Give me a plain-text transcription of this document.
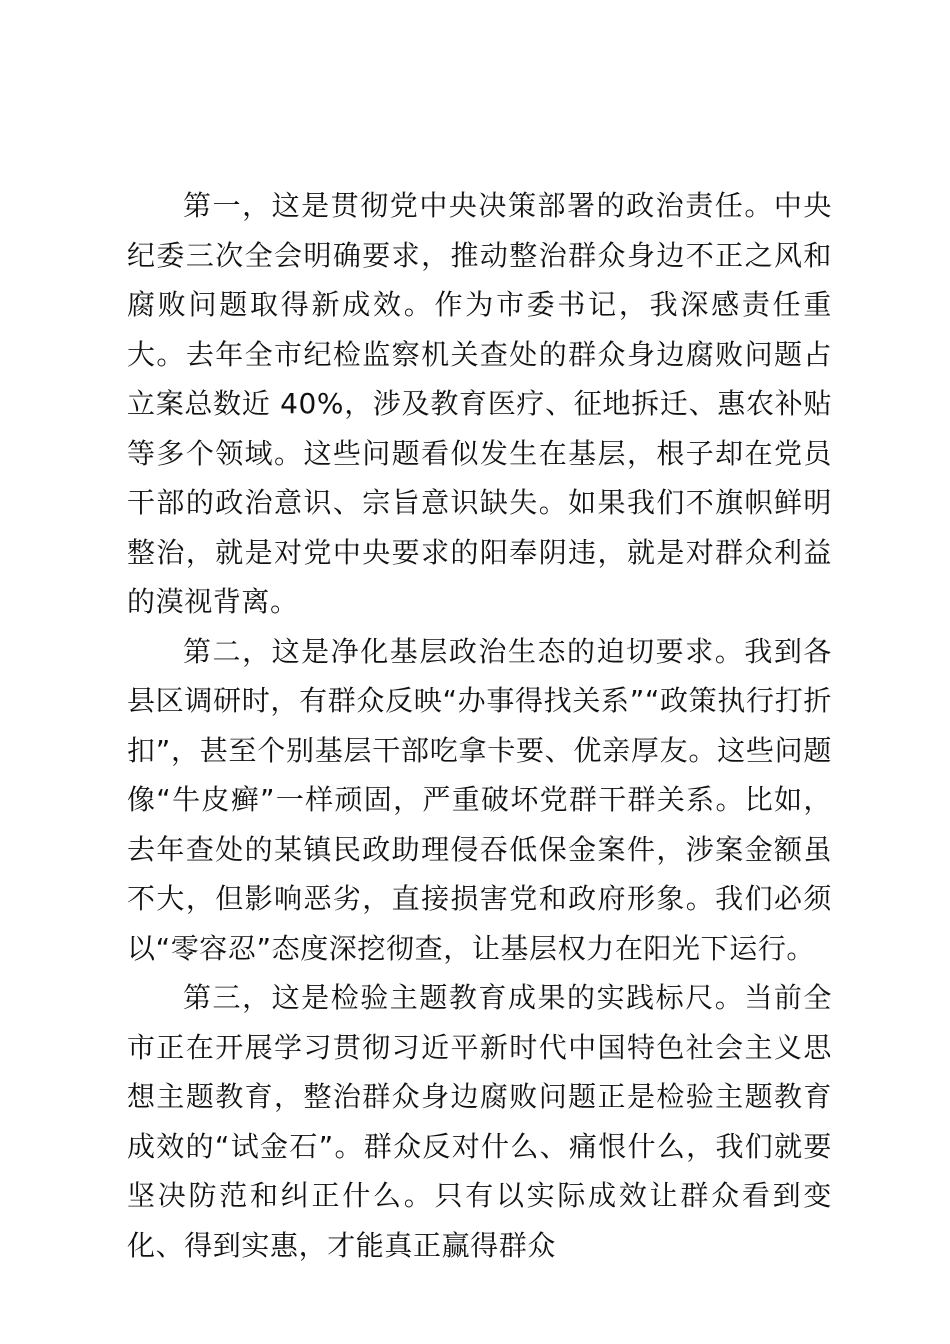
第一，这是贯彻党中央决策部署的政治责任。中央纪委三次全会明确要求，推动整治群众身边不正之风和腐败问题取得新成效。作为市委书记，我深感责任重大。去年全市纪检监察机关查处的群众身边腐败问题占立案总数近 40%，涉及教育医疗、征地拆迁、惠农补贴等多个领域。这些问题看似发生在基层，根子却在党员干部的政治意识、宗旨意识缺失。如果我们不旗帜鲜明整治，就是对党中央要求的阳奉阴违，就是对群众利益的漠视背离。

第二，这是净化基层政治生态的迫切要求。我到各县区调研时，有群众反映“办事得找关系”“政策执行打折扣”，甚至个别基层干部吃拿卡要、优亲厚友。这些问题像“牛皮癣”一样顽固，严重破坏党群干群关系。比如，去年查处的某镇民政助理侵吞低保金案件，涉案金额虽不大，但影响恶劣，直接损害党和政府形象。我们必须以“零容忍”态度深挖彻查，让基层权力在阳光下运行。

第三，这是检验主题教育成果的实践标尺。当前全市正在开展学习贯彻习近平新时代中国特色社会主义思想主题教育，整治群众身边腐败问题正是检验主题教育成效的“试金石”。群众反对什么、痛恨什么，我们就要坚决防范和纠正什么。只有以实际成效让群众看到变化、得到实惠，才能真正赢得群众
